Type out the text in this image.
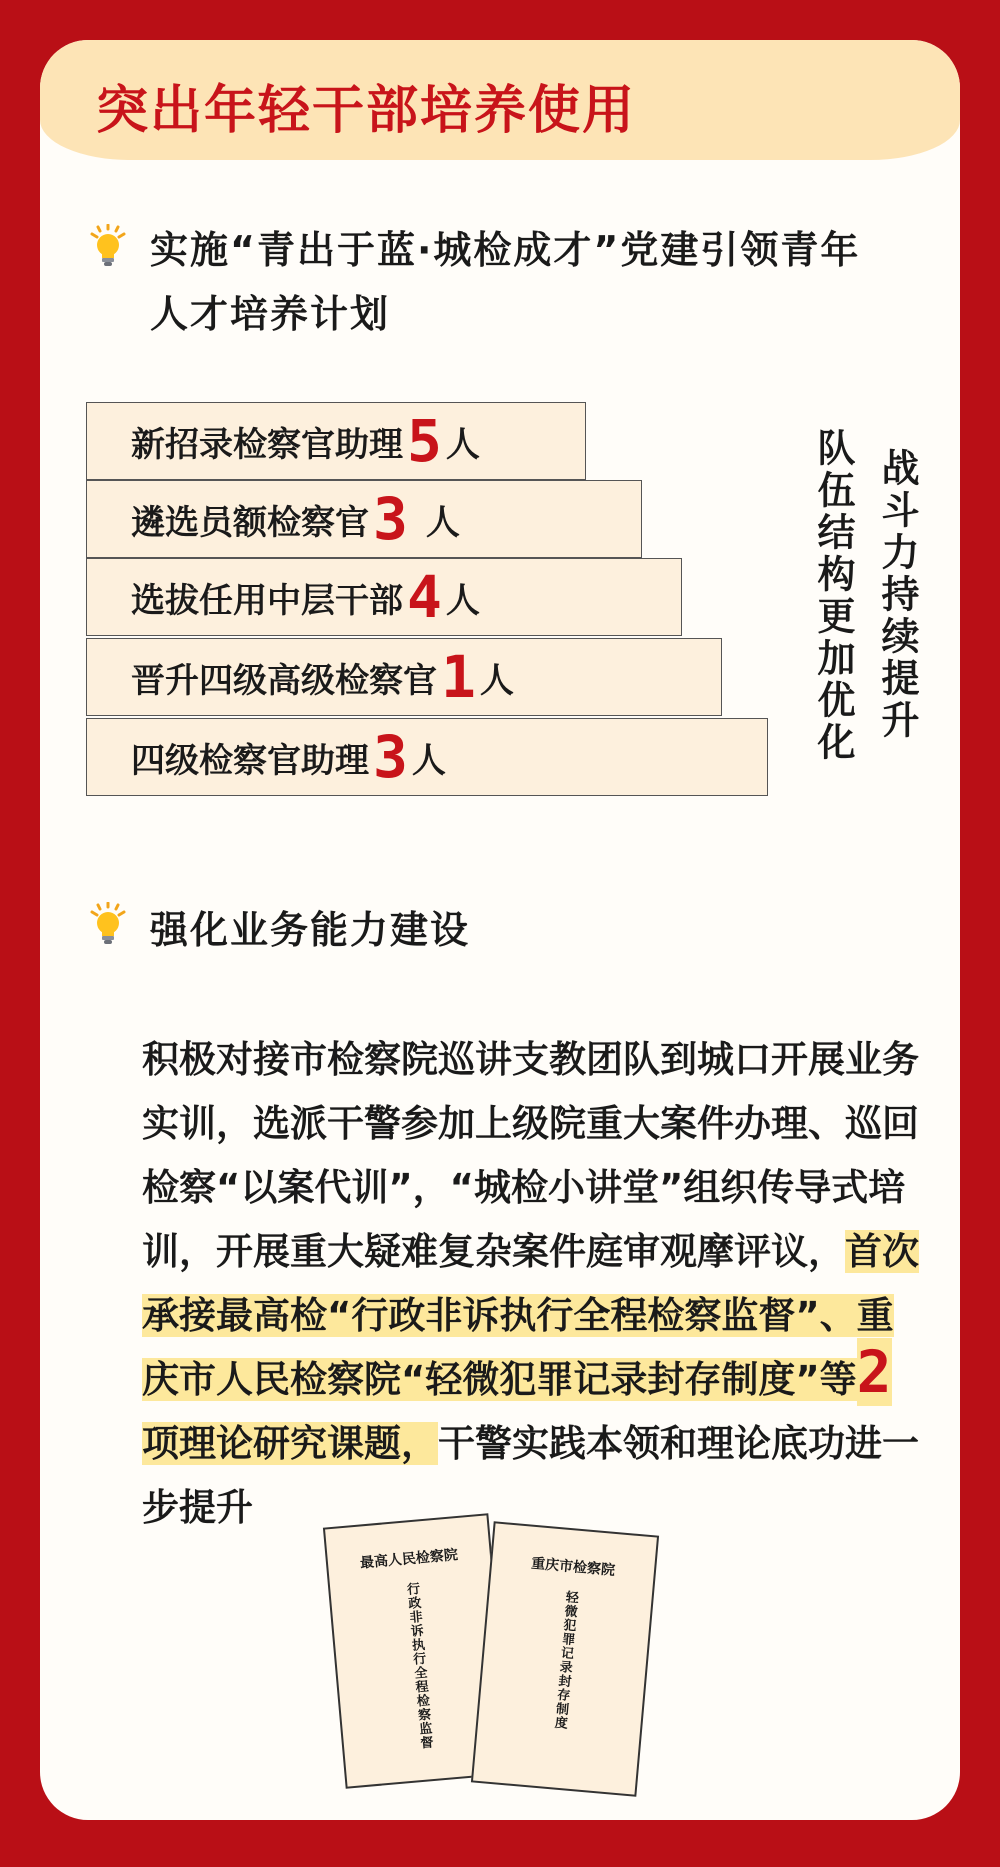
突出年轻干部培养使用
实施“青出于蓝·城检成才”党建引领青年
人才培养计划
新招录检察官助理 5 人
遴选员额检察官 3 人
选拔任用中层干部 4 人
晋升四级高级检察官 1 人
四级检察官助理 3 人
战斗力持续提升
队伍结构更加优化
强化业务能力建设
积极对接市检察院巡讲支教团队到城口开展业务实训，选派干警参加上级院重大案件办理、巡回检察“以案代训”，“城检小讲堂”组织传导式培训，开展重大疑难复杂案件庭审观摩评议，首次承接最高检“行政非诉执行全程检察监督”、重庆市人民检察院“轻微犯罪记录封存制度”等2项理论研究课题，干警实践本领和理论底功进一步提升
最高人民检察院
行政非诉执行全程检察监督
重庆市检察院
轻微犯罪记录封存制度
